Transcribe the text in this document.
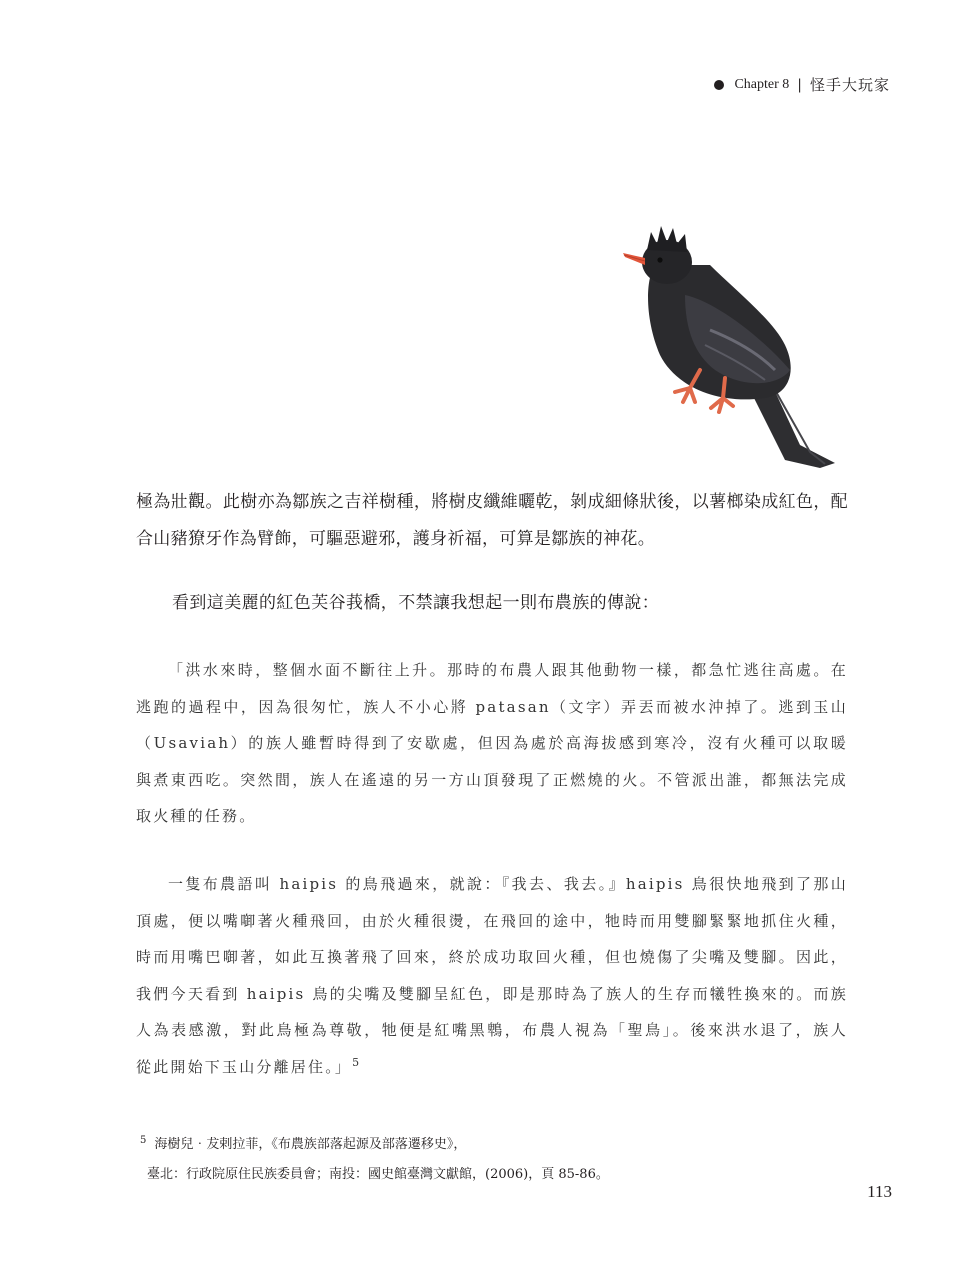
Chapter 8 | 怪手大玩家

極為壯觀。此樹亦為鄒族之吉祥樹種，將樹皮纖維曬乾，剝成細條狀後，以薯榔染成紅色，配合山豬獠牙作為臂飾，可驅惡避邪，護身祈福，可算是鄒族的神花。

看到這美麗的紅色芙谷莪橋，不禁讓我想起一則布農族的傳說：

「洪水來時，整個水面不斷往上升。那時的布農人跟其他動物一樣，都急忙逃往高處。在逃跑的過程中，因為很匆忙，族人不小心將 patasan（文字）弄丟而被水沖掉了。逃到玉山（Usaviah）的族人雖暫時得到了安歇處，但因為處於高海拔感到寒冷，沒有火種可以取暖與煮東西吃。突然間，族人在遙遠的另一方山頂發現了正燃燒的火。不管派出誰，都無法完成取火種的任務。

一隻布農語叫 haipis 的鳥飛過來，就說：『我去、我去。』haipis 鳥很快地飛到了那山頂處，便以嘴啣著火種飛回，由於火種很燙，在飛回的途中，牠時而用雙腳緊緊地抓住火種，時而用嘴巴啣著，如此互換著飛了回來，終於成功取回火種，但也燒傷了尖嘴及雙腳。因此，我們今天看到 haipis 鳥的尖嘴及雙腳呈紅色，即是那時為了族人的生存而犧牲換來的。而族人為表感激，對此鳥極為尊敬，牠便是紅嘴黑鵯，布農人視為「聖鳥」。後來洪水退了，族人從此開始下玉山分離居住。」$^5$

5 海樹兒‧犮剌拉菲，《布農族部落起源及部落遷移史》，
臺北：行政院原住民族委員會；南投：國史館臺灣文獻館，(2006)，頁 85-86。
113
